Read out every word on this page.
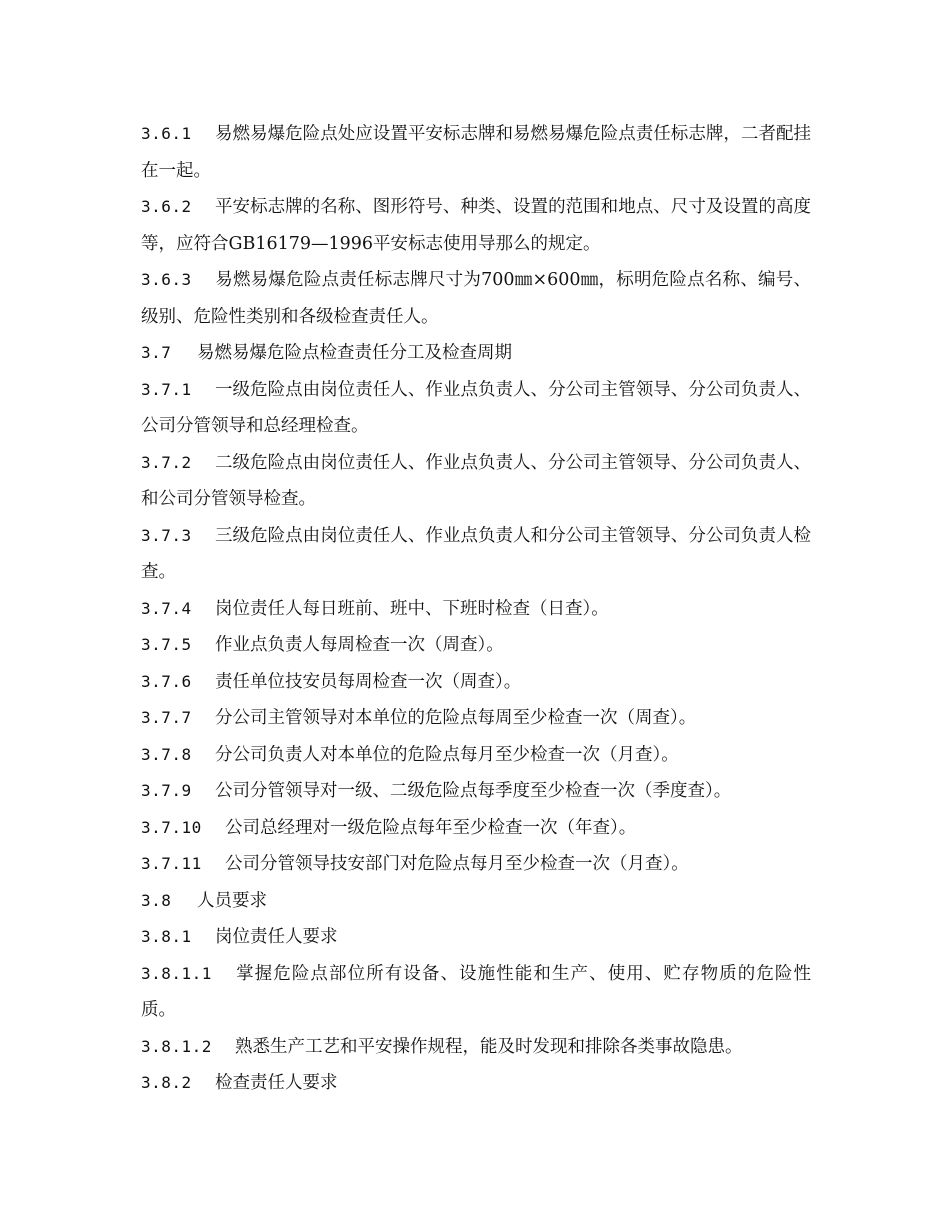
3.6.1 易燃易爆危险点处应设置平安标志牌和易燃易爆危险点责任标志牌，二者配挂在一起。

3.6.2 平安标志牌的名称、图形符号、种类、设置的范围和地点、尺寸及设置的高度等，应符合GB16179—1996平安标志使用导那么的规定。

3.6.3 易燃易爆危险点责任标志牌尺寸为700㎜×600㎜，标明危险点名称、编号、级别、危险性类别和各级检查责任人。

3.7 易燃易爆危险点检查责任分工及检查周期

3.7.1 一级危险点由岗位责任人、作业点负责人、分公司主管领导、分公司负责人、公司分管领导和总经理检查。

3.7.2 二级危险点由岗位责任人、作业点负责人、分公司主管领导、分公司负责人、和公司分管领导检查。

3.7.3 三级危险点由岗位责任人、作业点负责人和分公司主管领导、分公司负责人检查。

3.7.4 岗位责任人每日班前、班中、下班时检查（日查）。

3.7.5 作业点负责人每周检查一次（周查）。

3.7.6 责任单位技安员每周检查一次（周查）。

3.7.7 分公司主管领导对本单位的危险点每周至少检查一次（周查）。

3.7.8 分公司负责人对本单位的危险点每月至少检查一次（月查）。

3.7.9 公司分管领导对一级、二级危险点每季度至少检查一次（季度查）。

3.7.10 公司总经理对一级危险点每年至少检查一次（年查）。

3.7.11 公司分管领导技安部门对危险点每月至少检查一次（月查）。

3.8 人员要求

3.8.1 岗位责任人要求

3.8.1.1 掌握危险点部位所有设备、设施性能和生产、使用、贮存物质的危险性质。

3.8.1.2 熟悉生产工艺和平安操作规程，能及时发现和排除各类事故隐患。

3.8.2 检查责任人要求
